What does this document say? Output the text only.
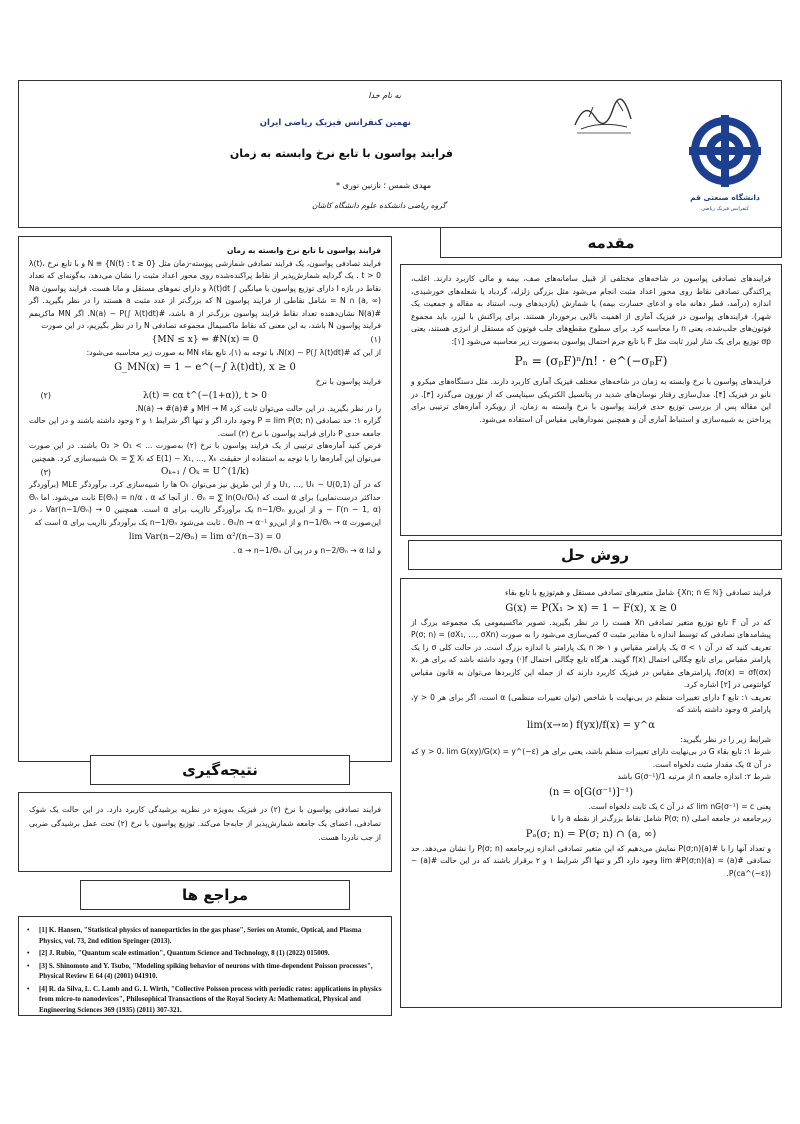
به نام خدا
نهمین کنفرانس فیزیک ریاضی ایران
فرایند پواسون با تابع نرخ وابسته به زمان
مهدی شمس ؛ نازنین نوری *
گروه ریاضی دانشکده علوم دانشگاه کاشان
دانشگاه صنعتی قم
کنفرانس فیزیک ریاضی
مقدمه

فرایندهای تصادفی پواسون در شاخه‌های مختلفی از قبیل سامانه‌های صف، بیمه و مالی کاربرد دارند. اغلب، پراکندگی تصادفی نقاط روی محور اعداد مثبت انجام می‌شود مثل بزرگی زلزله، گردباد یا شعله‌های خورشیدی، اندازه (درآمد، قطر دهانه ماه و ادعای خسارت بیمه) یا شمارش (بازدیدهای وب، استناد به مقاله و جمعیت یک شهر). فرایندهای پواسون در فیزیک آماری از اهمیت بالایی برخوردار هستند. برای پراکنش با لیزر، باید مجموع فوتون‌های جلب‌شده، یعنی n را محاسبه کرد. برای سطوح مقطع‌های جلب فوتون که مستقل از انرژی هستند، یعنی σp توزیع برای یک شار لیزر ثابت مثل F با تابع جرم احتمال پواسون به‌صورت زیر محاسبه می‌شود [۱]:

Pₙ = (σₚF)ⁿ/n! · e^(−σₚF)

فرایندهای پواسون با نرخ وابسته به زمان در شاخه‌های مختلف فیزیک آماری کاربرد دارند. مثل دستگاه‌های میکرو و نانو در فیزیک [۴]. مدل‌سازی رفتار نوسان‌های شدید در پتانسیل الکتریکی سیناپسی که از نورون می‌گذرد [۳]. در این مقاله پس از بررسی توزیع حدی فرایند پواسون با نرخ وابسته به زمان، از رویکرد آماره‌های ترتیبی برای پرداختن به شبیه‌سازی و استنباط آماری آن و همچنین نمودارهایی مقیاس آن استفاده می‌شود.

روش حل

فرایند تصادفی {Xn; n ∈ ℕ} شامل متغیرهای تصادفی مستقل و هم‌توزیع با تابع بقاء

G(x) = P(X₁ > x) = 1 − F(x), x ≥ 0

که در آن F تابع توزیع متغیر تصادفی Xn هست را در نظر بگیرید. تصویر ماکسیمومی یک مجموعه بزرگ از پیشامدهای تصادفی که توسط اندازه با مقادیر مثبت σ کمی‌سازی می‌شود را به صورت P(σ; n) = (σX₁, …, σXn) تعریف کنید که در آن σ < ۱ یک پارامتر مقیاس و n ≫ ۱ یک پارامتر با اندازه بزرگ است. در حالت کلی σ را یک پارامتر مقیاس برای تابع چگالی احتمال f(x) گویند. هرگاه تابع چگالی احتمال f(·) وجود داشته باشد که برای هر x، fσ(x) = σf(σx)، پارامترهای مقیاس در فیزیک کاربرد دارند که از جمله این کاربردها می‌توان به قانون مقیاس کوانتومی در [۲] اشاره کرد.

تعریف ۱: تابع f دارای تغییرات منظم در بی‌نهایت با شاخص (توان تغییرات منظمی) α است، اگر برای هر y > 0، پارامتر α وجود داشته باشد که

lim(x→∞) f(yx)/f(x) = y^α

شرایط زیر را در نظر بگیرید:

شرط ۱: تابع بقاء G در بی‌نهایت دارای تغییرات منظم باشد، یعنی برای هر y > 0، lim G(xy)/G(x) = y^(−ε) که در آن α یک مقدار مثبت دلخواه است.

شرط ۲: اندازه جامعه n از مرتبه 1/G(σ⁻¹) باشد

(n = o[G(σ⁻¹)]⁻¹)

یعنی lim nG(σ⁻¹) = c که در آن c یک ثابت دلخواه است.

زیرجامعه در جامعه اصلی P(σ; n) شامل نقاط بزرگ‌تر از نقطه a را با

Pₐ(σ; n) = P(σ; n) ∩ (a, ∞)

و تعداد آنها را با #P(σ;n)(a) نمایش می‌دهیم که این متغیر تصادفی اندازه زیرجامعه P(σ; n) را نشان می‌دهد. حد تصادفی #(a) = lim #P(σ;n)(a) وجود دارد اگر و تنها اگر شرایط ۱ و ۲ برقرار باشند که در این حالت #(a) ∼ P(ca^(−ε)).

فرایند پواسون با تابع نرخ وابسته به زمان

فرایند تصادفی پواسون، یک فرایند تصادفی شمارشی پیوسته-زمان مثل N ≡ {N(t) : t ≥ 0} و با تابع نرخ λ(t)، t > 0 . یک گردایه شمارش‌پذیر از نقاط پراکنده‌شده روی محور اعداد مثبت را نشان می‌دهد، به‌گونه‌ای که تعداد نقاط در بازه I دارای توزیع پواسون با میانگین ∫ λ(t)dt و دارای نموهای مستقل و مانا هست. فرایند پواسون Na = N ∩ (a, ∞) شامل نقاطی از فرایند پواسون N که بزرگ‌تر از عدد مثبت a هستند را در نظر بگیرید. اگر #N(a) نشان‌دهنده تعداد نقاط فرایند پواسون بزرگ‌تر از a باشد، #N(a) ∼ P(∫ λ(t)dt). اگر MN ماکزیمم فرایند پواسون N باشد، به این معنی که نقاط ماکسیمال مجموعه تصادفی N را در نظر بگیریم، در این صورت

(۱)
{MN ≤ x} ⇔ #N(x) = 0

از این که #N(x) ∼ P(∫ λ(t)dt)، با توجه به (۱)، تابع بقاء MN به صورت زیر محاسبه می‌شود:

G_MN(x) = 1 − e^(−∫ λ(t)dt), x ≥ 0

فرایند پواسون با نرخ

λ(t) = cα t^(−(1+α)), t > 0
(۲)

را در نظر بگیرید. در این حالت می‌توان ثابت کرد MH → M و #N(a) → #(a).

گزاره ۱: حد تصادفی P = lim P(σ; n) وجود دارد اگر و تنها اگر شرایط ۱ و ۲ وجود داشته باشند و در این حالت جامعه حدی P دارای فرایند پواسون با نرخ (۲) است.

فرض کنید آماره‌های ترتیبی از یک فرایند پواسون با نرخ (۲) به‌صورت ... > O₂ > O₁ باشند. در این صورت می‌توان این آماره‌ها را با توجه به استفاده از حقیقت E(1) ∼ X₁, …, Xₖ که Oₖ = ∑ Xᵢ شبیه‌سازی کرد. همچنین

Oₖ₊₁ / Oₖ = U^(1/k)
(۳)

که در آن U₁, …, Uₖ ∼ U(0,1) و از این طریق نیز می‌توان Oₖ ها را شبیه‌سازی کرد. برآوردگر MLE (برآوردگر حداکثر درست‌نمایی) برای α است که Θₙ = ∑ ln(Oₖ/Oₙ) . از آنجا که E(Θₙ) = n/α ، α ثابت می‌شود. اما Θₙ ∼ Γ(n − 1, α) و از این‌رو n−1/Θₙ یک برآوردگر نااریب برای α است. همچنین Var(n−1/Θₙ) → 0 ، در این‌صورت n−1/Θₙ → α و از این‌رو Θₙ/n → α⁻¹ . ثابت می‌شود n−1/Θₙ یک برآوردگر نااریب برای α است که

lim Var(n−2/Θₙ) = lim α²/(n−3) = 0

و لذا n−2/Θₙ → α و در پی آن α → n−1/Θₙ .

نتیجه‌گیری

فرایند تصادفی پواسون با نرخ (۲) در فیزیک به‌ویژه در نظریه برشیدگی کاربرد دارد. در این حالت یک شوک تصادفی، اعضای یک جامعه شمارش‌پذیر از جابه‌جا می‌کند. توزیع پواسون با نرخ (۲) تحت عمل برشیدگی ضربی از جب نادردا هست.

مراجع ها
•	[1] K. Hansen, "Statistical physics of nanoparticles in the gas phase", Series on Atomic, Optical, and Plasma Physics, vol. 73, 2nd edition Springer (2013).
•	[2] J. Rubio, "Quantum scale estimation", Quantum Science and Technology, 8 (1) (2022) 015009.
•	[3] S. Shinomoto and Y. Tsubo, "Modeling spiking behavior of neurons with time-dependent Poisson processes", Physical Review E 64 (4) (2001) 041910.
•	[4] R. da Silva, L. C. Lamb and G. I. Wirth, "Collective Poisson process with periodic rates: applications in physics from micro-to nanodevices", Philosophical Transactions of the Royal Society A: Mathematical, Physical and Engineering Sciences 369 (1935) (2011) 307-321.
